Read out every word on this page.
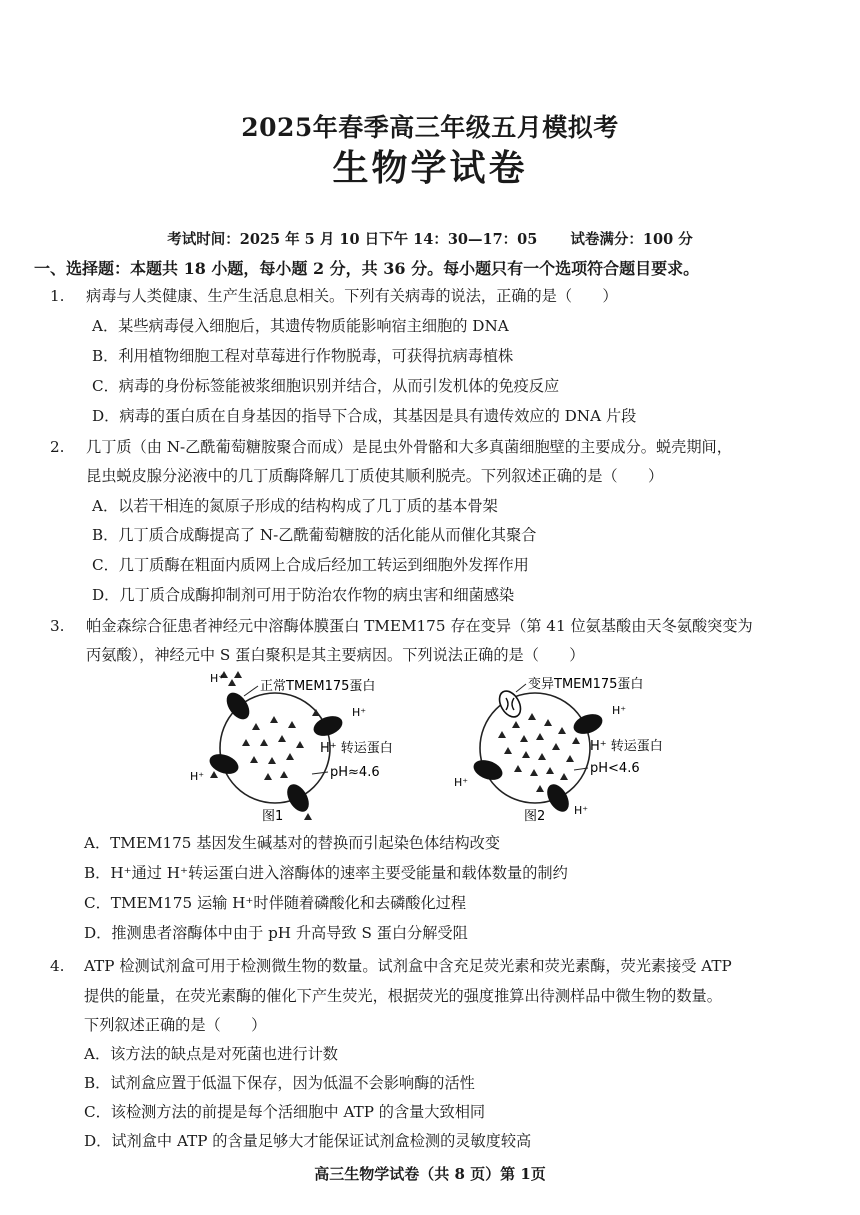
2025年春季高三年级五月模拟考
生物学试卷
考试时间：2025 年 5 月 10 日下午 14：30—17：05 试卷满分：100 分
一、选择题：本题共 18 小题，每小题 2 分，共 36 分。每小题只有一个选项符合题目要求。
1. 病毒与人类健康、生产生活息息相关。下列有关病毒的说法，正确的是（　　）
A．某些病毒侵入细胞后，其遗传物质能影响宿主细胞的 DNA
B．利用植物细胞工程对草莓进行作物脱毒，可获得抗病毒植株
C．病毒的身份标签能被浆细胞识别并结合，从而引发机体的免疫反应
D．病毒的蛋白质在自身基因的指导下合成，其基因是具有遗传效应的 DNA 片段
2. 几丁质（由 N-乙酰葡萄糖胺聚合而成）是昆虫外骨骼和大多真菌细胞壁的主要成分。蜕壳期间，
昆虫蜕皮腺分泌液中的几丁质酶降解几丁质使其顺利脱壳。下列叙述正确的是（　　）
A．以若干相连的氮原子形成的结构构成了几丁质的基本骨架
B．几丁质合成酶提高了 N-乙酰葡萄糖胺的活化能从而催化其聚合
C．几丁质酶在粗面内质网上合成后经加工转运到细胞外发挥作用
D．几丁质合成酶抑制剂可用于防治农作物的病虫害和细菌感染
3. 帕金森综合征患者神经元中溶酶体膜蛋白 TMEM175 存在变异（第 41 位氨基酸由天冬氨酸突变为
丙氨酸），神经元中 S 蛋白聚积是其主要病因。下列说法正确的是（　　）
H⁺
H⁺
H⁺
正常TMEM175蛋白
H⁺ 转运蛋白
pH≈4.6
图1
H⁺
H⁺
H⁺
变异TMEM175蛋白
H⁺ 转运蛋白
pH<4.6
图2
A．TMEM175 基因发生碱基对的替换而引起染色体结构改变
B．H⁺通过 H⁺转运蛋白进入溶酶体的速率主要受能量和载体数量的制约
C．TMEM175 运输 H⁺时伴随着磷酸化和去磷酸化过程
D．推测患者溶酶体中由于 pH 升高导致 S 蛋白分解受阻
4. ATP 检测试剂盒可用于检测微生物的数量。试剂盒中含充足荧光素和荧光素酶，荧光素接受 ATP
提供的能量，在荧光素酶的催化下产生荧光，根据荧光的强度推算出待测样品中微生物的数量。
下列叙述正确的是（　　）
A．该方法的缺点是对死菌也进行计数
B．试剂盒应置于低温下保存，因为低温不会影响酶的活性
C．该检测方法的前提是每个活细胞中 ATP 的含量大致相同
D．试剂盒中 ATP 的含量足够大才能保证试剂盒检测的灵敏度较高
高三生物学试卷（共 8 页）第 1页
